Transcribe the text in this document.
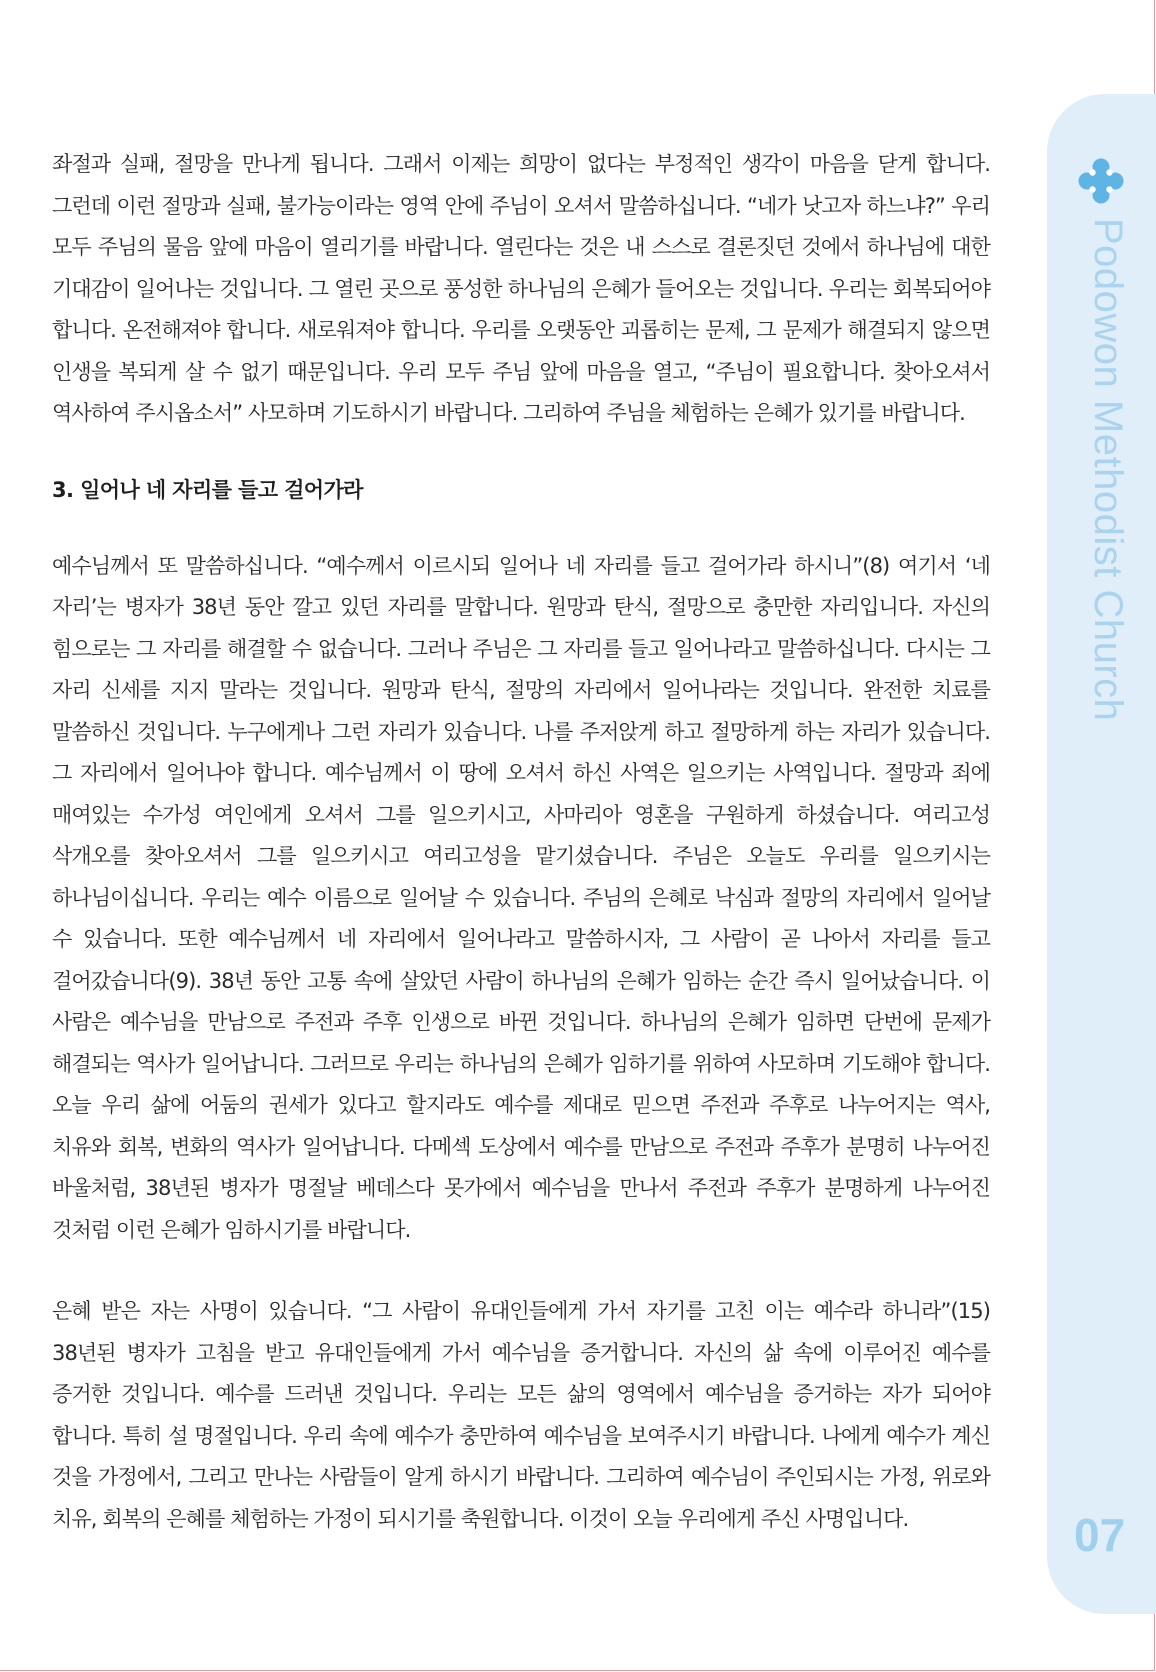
좌절과 실패, 절망을 만나게 됩니다. 그래서 이제는 희망이 없다는 부정적인 생각이 마음을 닫게 합니다. 그런데 이런 절망과 실패, 불가능이라는 영역 안에 주님이 오셔서 말씀하십니다. “네가 낫고자 하느냐?” 우리 모두 주님의 물음 앞에 마음이 열리기를 바랍니다. 열린다는 것은 내 스스로 결론짓던 것에서 하나님에 대한 기대감이 일어나는 것입니다. 그 열린 곳으로 풍성한 하나님의 은혜가 들어오는 것입니다. 우리는 회복되어야 합니다. 온전해져야 합니다. 새로워져야 합니다. 우리를 오랫동안 괴롭히는 문제, 그 문제가 해결되지 않으면 인생을 복되게 살 수 없기 때문입니다. 우리 모두 주님 앞에 마음을 열고, “주님이 필요합니다. 찾아오셔서 역사하여 주시옵소서” 사모하며 기도하시기 바랍니다. 그리하여 주님을 체험하는 은혜가 있기를 바랍니다.

3. 일어나 네 자리를 들고 걸어가라

예수님께서 또 말씀하십니다. “예수께서 이르시되 일어나 네 자리를 들고 걸어가라 하시니”(8) 여기서 ‘네 자리’는 병자가 38년 동안 깔고 있던 자리를 말합니다. 원망과 탄식, 절망으로 충만한 자리입니다. 자신의 힘으로는 그 자리를 해결할 수 없습니다. 그러나 주님은 그 자리를 들고 일어나라고 말씀하십니다. 다시는 그 자리 신세를 지지 말라는 것입니다. 원망과 탄식, 절망의 자리에서 일어나라는 것입니다. 완전한 치료를 말씀하신 것입니다. 누구에게나 그런 자리가 있습니다. 나를 주저앉게 하고 절망하게 하는 자리가 있습니다. 그 자리에서 일어나야 합니다. 예수님께서 이 땅에 오셔서 하신 사역은 일으키는 사역입니다. 절망과 죄에 매여있는 수가성 여인에게 오셔서 그를 일으키시고, 사마리아 영혼을 구원하게 하셨습니다. 여리고성 삭개오를 찾아오셔서 그를 일으키시고 여리고성을 맡기셨습니다. 주님은 오늘도 우리를 일으키시는 하나님이십니다. 우리는 예수 이름으로 일어날 수 있습니다. 주님의 은혜로 낙심과 절망의 자리에서 일어날 수 있습니다. 또한 예수님께서 네 자리에서 일어나라고 말씀하시자, 그 사람이 곧 나아서 자리를 들고 걸어갔습니다(9). 38년 동안 고통 속에 살았던 사람이 하나님의 은혜가 임하는 순간 즉시 일어났습니다. 이 사람은 예수님을 만남으로 주전과 주후 인생으로 바뀐 것입니다. 하나님의 은혜가 임하면 단번에 문제가 해결되는 역사가 일어납니다. 그러므로 우리는 하나님의 은혜가 임하기를 위하여 사모하며 기도해야 합니다. 오늘 우리 삶에 어둠의 권세가 있다고 할지라도 예수를 제대로 믿으면 주전과 주후로 나누어지는 역사, 치유와 회복, 변화의 역사가 일어납니다. 다메섹 도상에서 예수를 만남으로 주전과 주후가 분명히 나누어진 바울처럼, 38년된 병자가 명절날 베데스다 못가에서 예수님을 만나서 주전과 주후가 분명하게 나누어진 것처럼 이런 은혜가 임하시기를 바랍니다.

은혜 받은 자는 사명이 있습니다. “그 사람이 유대인들에게 가서 자기를 고친 이는 예수라 하니라”(15) 38년된 병자가 고침을 받고 유대인들에게 가서 예수님을 증거합니다. 자신의 삶 속에 이루어진 예수를 증거한 것입니다. 예수를 드러낸 것입니다. 우리는 모든 삶의 영역에서 예수님을 증거하는 자가 되어야 합니다. 특히 설 명절입니다. 우리 속에 예수가 충만하여 예수님을 보여주시기 바랍니다. 나에게 예수가 계신 것을 가정에서, 그리고 만나는 사람들이 알게 하시기 바랍니다. 그리하여 예수님이 주인되시는 가정, 위로와 치유, 회복의 은혜를 체험하는 가정이 되시기를 축원합니다. 이것이 오늘 우리에게 주신 사명입니다.

Podowon Methodist Church
07
